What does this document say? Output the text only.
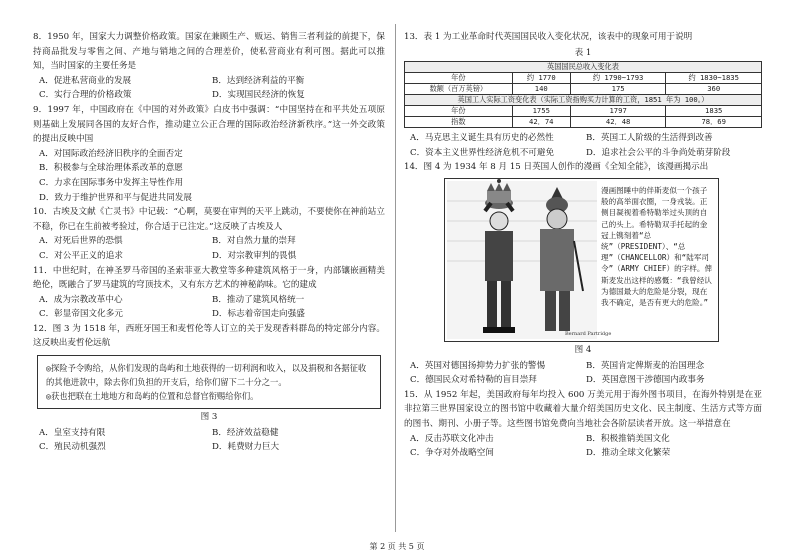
8．1950 年，国家大力调整价格政策。国家在兼顾生产、贩运、销售三者利益的前提下，保持商品批发与零售之间、产地与销地之间的合理差价，使私营商业有利可图。据此可以推知，当时国家的主要任务是

A．促进私营商业的发展	B．达到经济利益的平衡
C．实行合理的价格政策	D．实现国民经济的恢复

9．1997 年，中国政府在《中国的对外政策》白皮书中强调：“中国坚持在和平共处五项原则基础上发展同各国的友好合作，推动建立公正合理的国际政治经济新秩序。”这一外交政策的提出反映中国

A．对国际政治经济旧秩序的全面否定
B．积极参与全球治理体系改革的意愿
C．力求在国际事务中发挥主导性作用
D．致力于维护世界和平与促进共同发展

10．古埃及文献《亡灵书》中记载：“心啊，莫要在审判的天平上跳动，不要使你在神前站立不稳，你已在生前被考验过，你合适于已注定。”这反映了古埃及人

A．对死后世界的恐惧	B．对自然力量的崇拜
C．对公平正义的追求	D．对宗教审判的畏惧

11．中世纪时，在神圣罗马帝国的圣索菲亚大教堂等多种建筑风格于一身，内部镶嵌画精美绝伦，既融合了罗马建筑的穹顶技术，又有东方艺术的神秘韵味。它的建成

A．成为宗教改革中心	B．推动了建筑风格统一
C．彰显帝国文化多元	D．标志着帝国走向强盛

12．图 3 为 1518 年，西班牙国王和麦哲伦等人订立的关于发现香料群岛的特定部分内容。这反映出麦哲伦远航

◎探险予令购给，从你们发现的岛屿和土地获得的一切利润和收入，以及捐税和各据征收的其他进款中，除去你们负担的开支后，给你们留下二十分之一。
◎获也把联在土地地方和岛屿的位置和总督官衔赐给你们。
图 3
A．皇室支持有限	B．经济效益稳健
C．殖民动机强烈	D．耗费财力巨大

13．表 1 为工业革命时代英国国民收入变化状况，该表中的现象可用于说明

表 1
英国国民总收入变化表			
年份	约 1770	约 1790~1793	约 1830~1835
数额（百万英镑）	140	175	360
英国工人实际工资变化表（实际工资指购买力计算的工资，1851 年为 100。）			
年份	1755	1797	1835
指数	42．74	42．48	78．69
A．马克思主义诞生具有历史的必然性	B．英国工人阶级的生活得到改善
C．资本主义世界性经济危机不可避免	D．追求社会公平的斗争尚处萌芽阶段

14．图 4 为 1934 年 8 月 15 日英国人创作的漫画《全知全能》，该漫画揭示出

Bernard Partridge
漫画图睡中的伴斯麦似一个孩子般的高举面衣圈，一身戎装。正侧目凝视着希特勒举过头顶的自己的头上。希特勒双手托起的金冠上镌刻着“总统”（PRESIDENT）、“总理”（CHANCELLOR）和“陆军司令”（ARMY CHIEF）的字样。俾斯麦发出这样的感慨：“我曾经认为德国最大的危险是分裂，现在我不确定，是否有更大的危险。”
图 4
A．英国对德国扬抑势力扩张的警惕	B．英国肯定俾斯麦的治国理念
C．德国民众对希特勒的盲目崇拜	D．英国意图干涉德国内政事务

15．从 1952 年起，美国政府每年均投入 600 万美元用于海外图书项目，在海外特别是在亚非拉第三世界国家设立的图书馆中收藏着大量介绍美国历史文化、民主制度、生活方式等方面的图书、期刊、小册子等。这些图书馆免费向当地社会各阶层读者开放。这一举措意在

A．反击苏联文化冲击	B．积极推销美国文化
C．争夺对外战略空间	D．推动全球文化繁荣
第 2 页 共 5 页
